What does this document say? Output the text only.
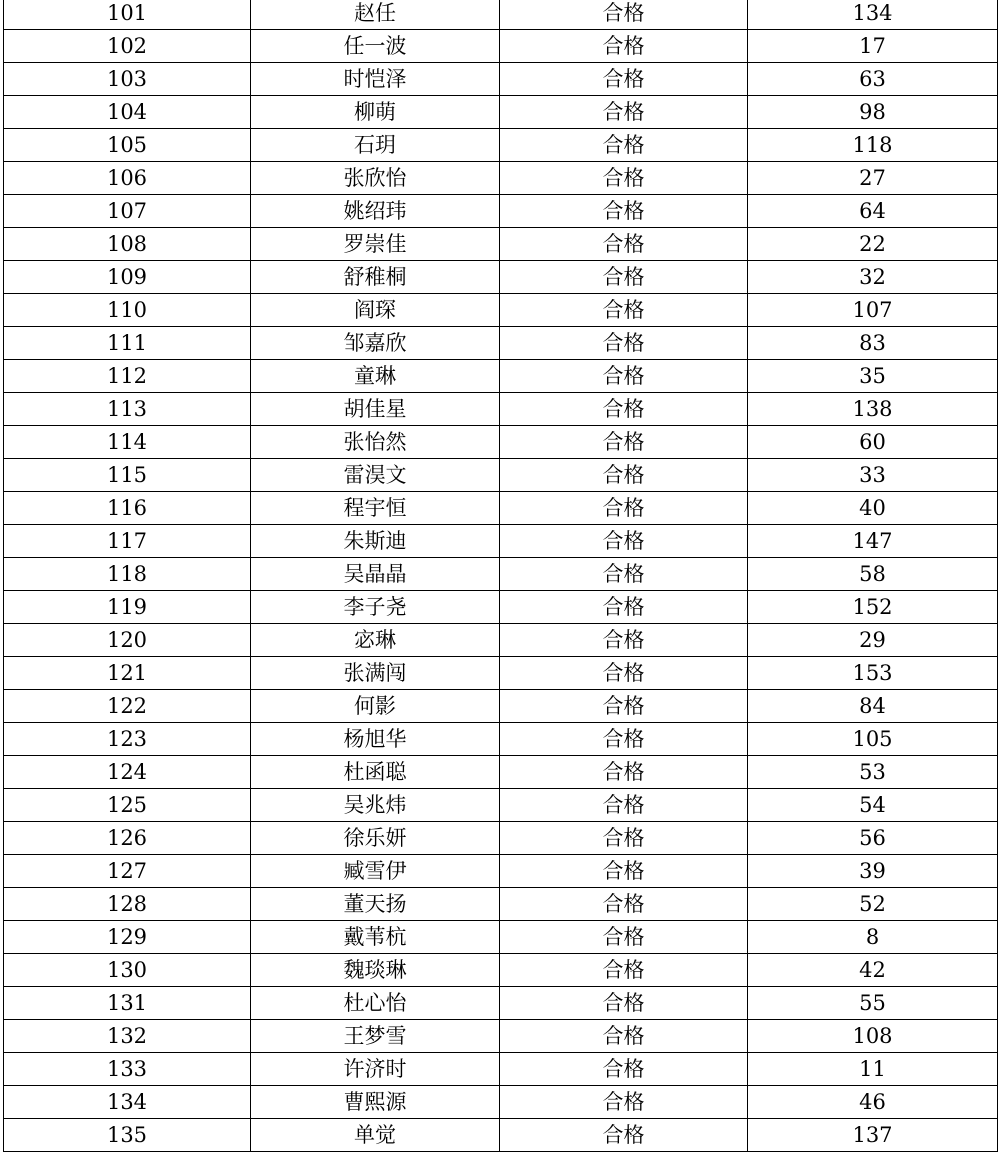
101	赵任	合格	134
102	任一波	合格	17
103	时恺泽	合格	63
104	柳萌	合格	98
105	石玥	合格	118
106	张欣怡	合格	27
107	姚绍玮	合格	64
108	罗崇佳	合格	22
109	舒稚桐	合格	32
110	阎琛	合格	107
111	邹嘉欣	合格	83
112	童琳	合格	35
113	胡佳星	合格	138
114	张怡然	合格	60
115	雷淏文	合格	33
116	程宇恒	合格	40
117	朱斯迪	合格	147
118	吴晶晶	合格	58
119	李子尧	合格	152
120	宓琳	合格	29
121	张满闯	合格	153
122	何影	合格	84
123	杨旭华	合格	105
124	杜函聪	合格	53
125	吴兆炜	合格	54
126	徐乐妍	合格	56
127	臧雪伊	合格	39
128	董天扬	合格	52
129	戴苇杭	合格	8
130	魏琰琳	合格	42
131	杜心怡	合格	55
132	王梦雪	合格	108
133	许济时	合格	11
134	曹熙源	合格	46
135	单觉	合格	137
